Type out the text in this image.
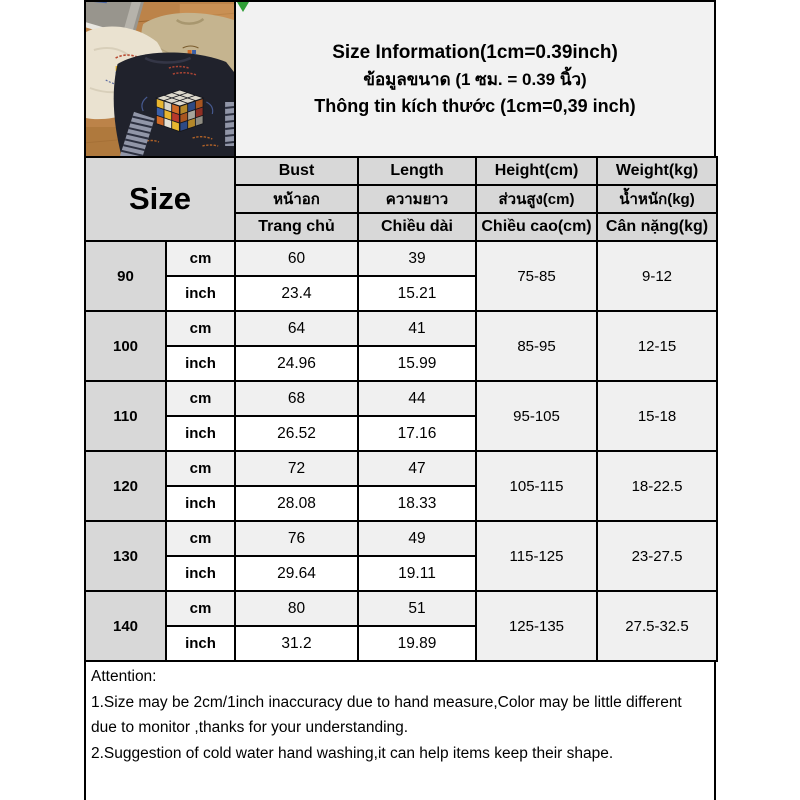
Size Information(1cm=0.39inch)
ข้อมูลขนาด (1 ซม. = 0.39 นิ้ว)
Thông tin kích thước (1cm=0,39 inch)
Size		Bust	Length	Height(cm)	Weight(kg)
		หน้าอก	ความยาว	ส่วนสูง(cm)	น้ำหนัก(kg)
		Trang chủ	Chiều dài	Chiều cao(cm)	Cân nặng(kg)
90	cm	60	39	75-85	9-12
	inch	23.4	15.21		
100	cm	64	41	85-95	12-15
	inch	24.96	15.99		
110	cm	68	44	95-105	15-18
	inch	26.52	17.16		
120	cm	72	47	105-115	18-22.5
	inch	28.08	18.33		
130	cm	76	49	115-125	23-27.5
	inch	29.64	19.11		
140	cm	80	51	125-135	27.5-32.5
	inch	31.2	19.89		
Attention:
1.Size may be 2cm/1inch inaccuracy due to hand measure,Color may be little different due to monitor ,thanks for your understanding.
2.Suggestion of cold water hand washing,it can help items keep their shape.
